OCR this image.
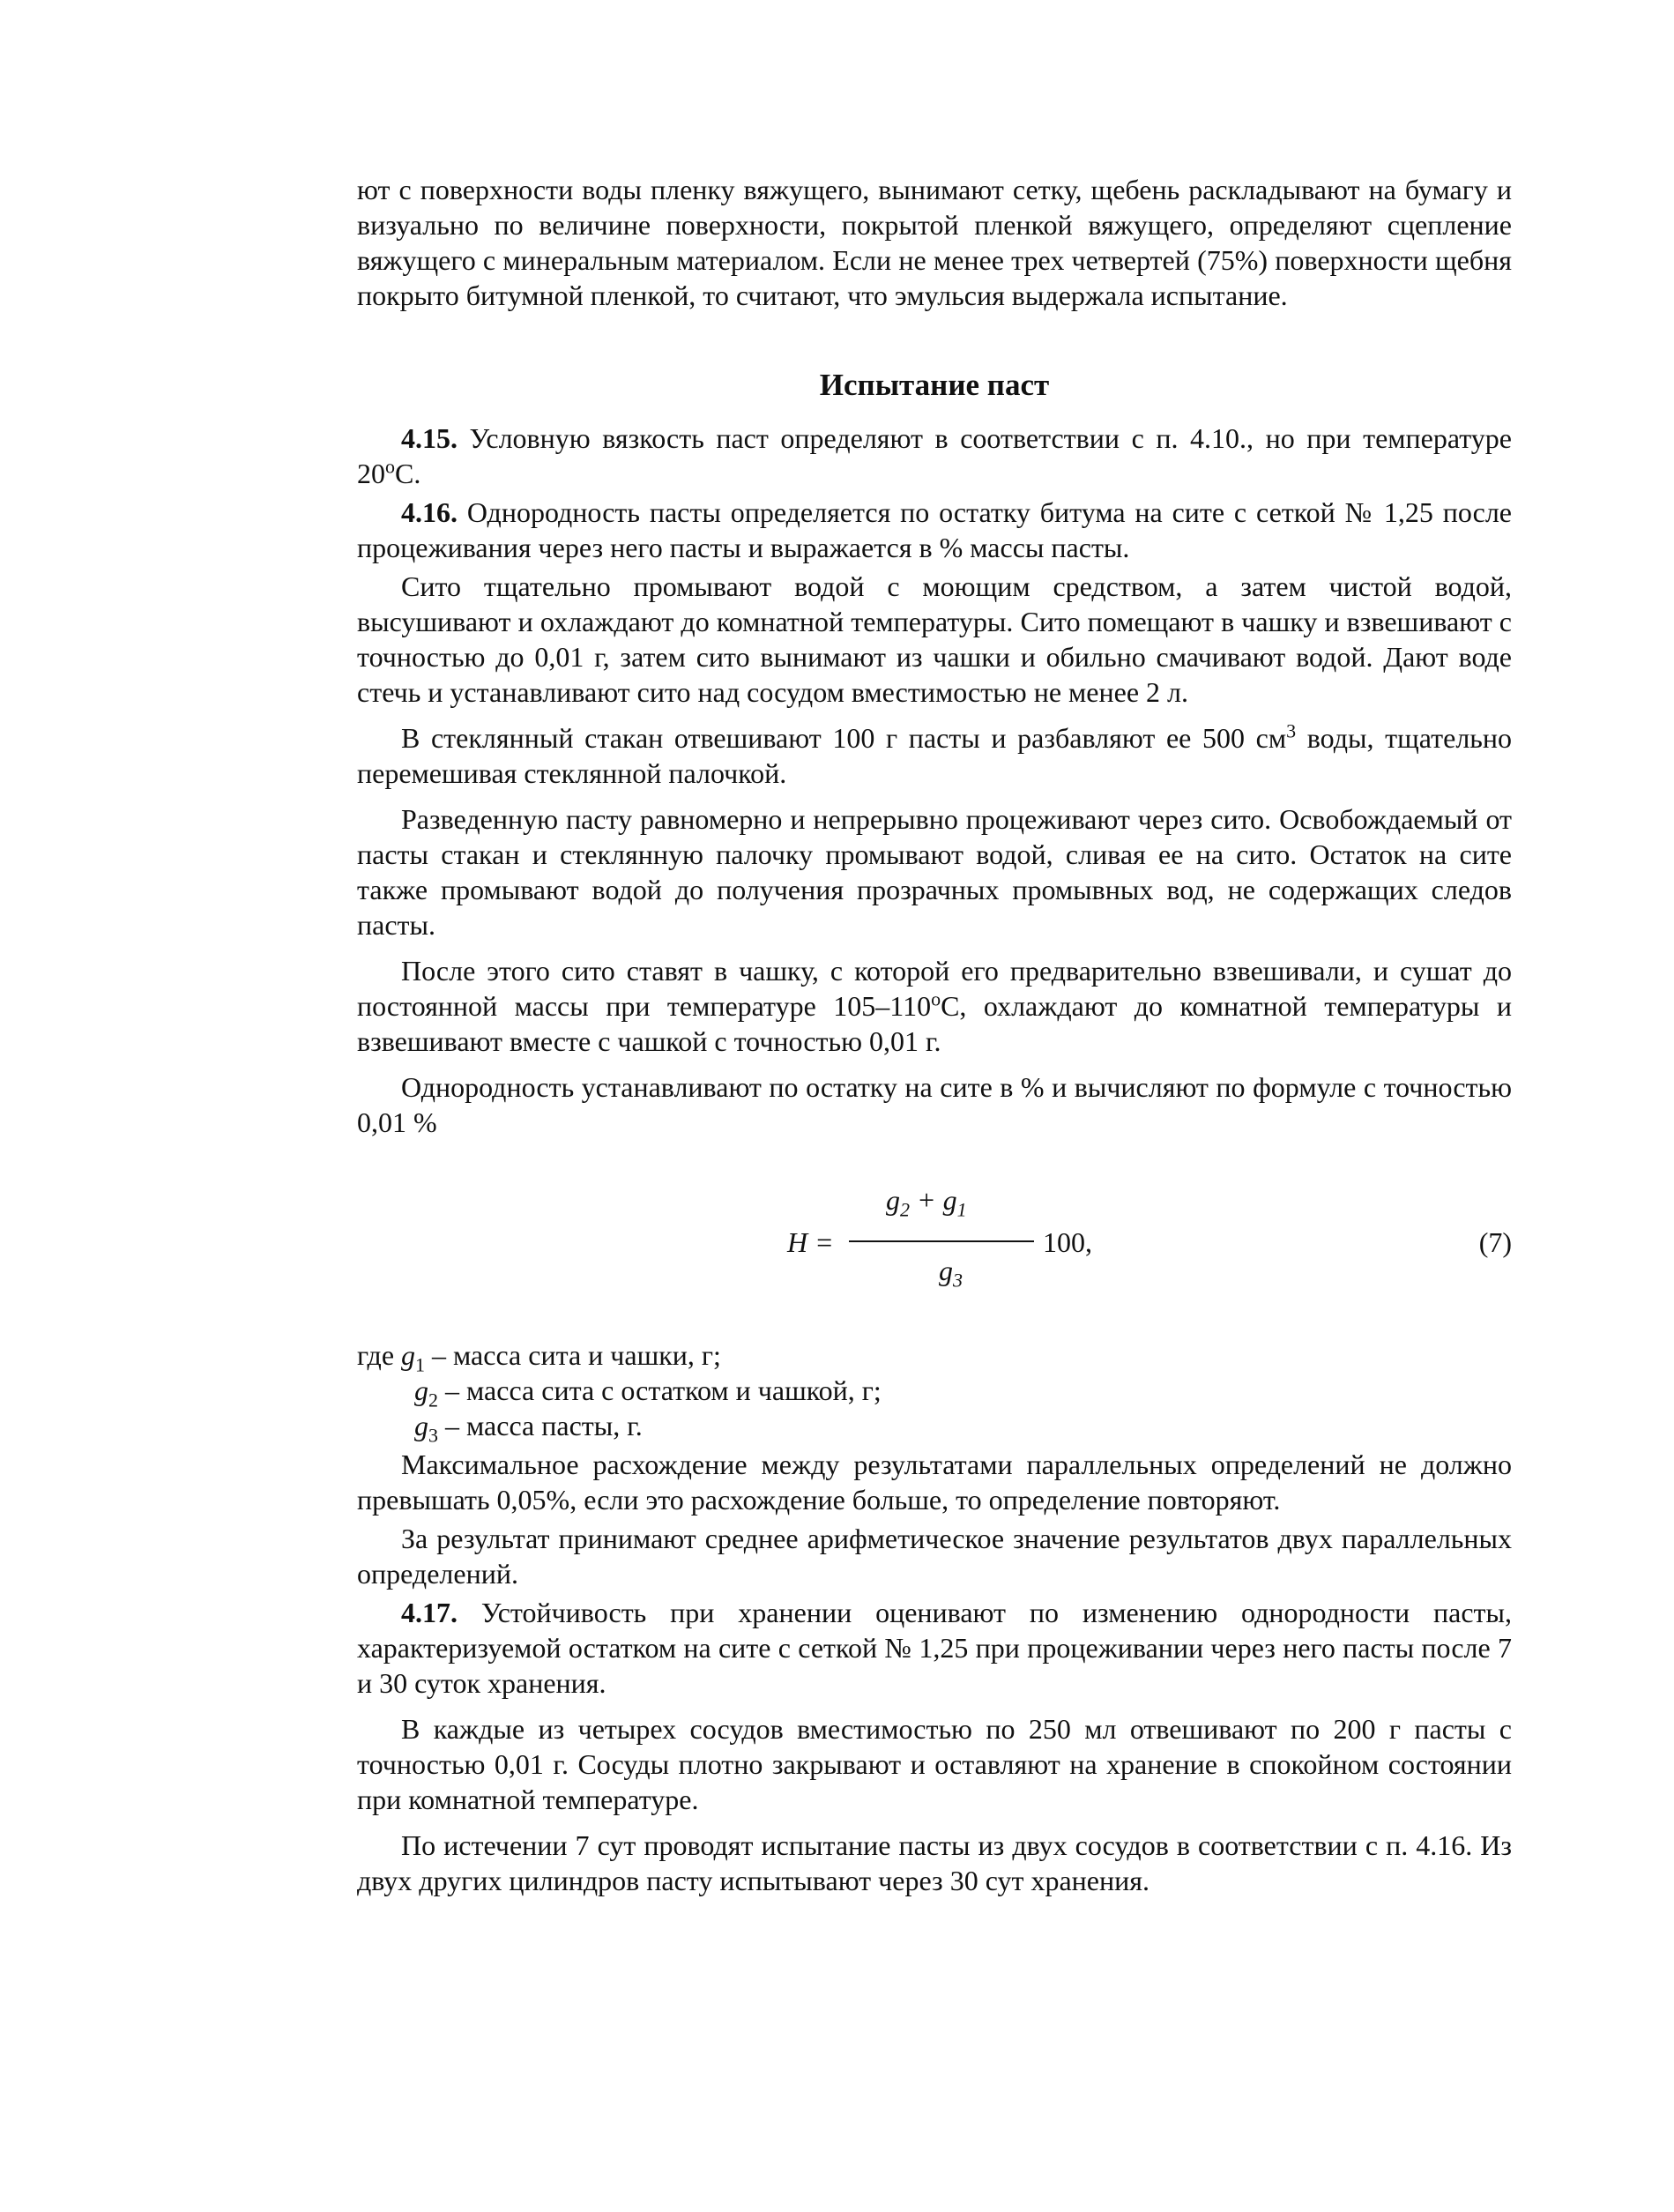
ют с поверхности воды пленку вяжущего, вынимают сетку, щебень раскладывают на бумагу и визуально по величине поверхности, покрытой пленкой вяжущего, определяют сцепление вяжущего с минеральным материалом. Если не менее трех четвертей (75%) поверхности щебня покрыто битумной пленкой, то считают, что эмульсия выдержала испытание.

Испытание паст

4.15. Условную вязкость паст определяют в соответствии с п. 4.10., но при температуре $20^оС$.

4.16. Однородность пасты определяется по остатку битума на сите с сеткой № 1,25 после процеживания через него пасты и выражается в % массы пасты.

Сито тщательно промывают водой с моющим средством, а затем чистой водой, высушивают и охлаждают до комнатной температуры. Сито помещают в чашку и взвешивают с точностью до 0,01 г, затем сито вынимают из чашки и обильно смачивают водой. Дают воде стечь и устанавливают сито над сосудом вместимостью не менее 2 л.

В стеклянный стакан отвешивают 100 г пасты и разбавляют ее 500 $см^3$ воды, тщательно перемешивая стеклянной палочкой.

Разведенную пасту равномерно и непрерывно процеживают через сито. Освобождаемый от пасты стакан и стеклянную палочку промывают водой, сливая ее на сито. Остаток на сите также промывают водой до получения прозрачных промывных вод, не содержащих следов пасты.

После этого сито ставят в чашку, с которой его предварительно взвешивали, и сушат до постоянной массы при температуре $105-110^оС$, охлаждают до комнатной температуры и взвешивают вместе с чашкой с точностью 0,01 г.

Однородность устанавливают по остатку на сите в % и вычисляют по формуле с точностью 0,01 %

H =
$g_2 + g_1$
$g_3$
100,	(7)

где $g_1$ – масса сита и чашки, г;

$g_2$ – масса сита с остатком и чашкой, г;

$g_3$ – масса пасты, г.

Максимальное расхождение между результатами параллельных определений не должно превышать 0,05%, если это расхождение больше, то определение повторяют.

За результат принимают среднее арифметическое значение результатов двух параллельных определений.

4.17. Устойчивость при хранении оценивают по изменению однородности пасты, характеризуемой остатком на сите с сеткой № 1,25 при процеживании через него пасты после 7 и 30 суток хранения.

В каждые из четырех сосудов вместимостью по 250 мл отвешивают по 200 г пасты с точностью 0,01 г. Сосуды плотно закрывают и оставляют на хранение в спокойном состоянии при комнатной температуре.

По истечении 7 сут проводят испытание пасты из двух сосудов в соответствии с п. 4.16. Из двух других цилиндров пасту испытывают через 30 сут хранения.
